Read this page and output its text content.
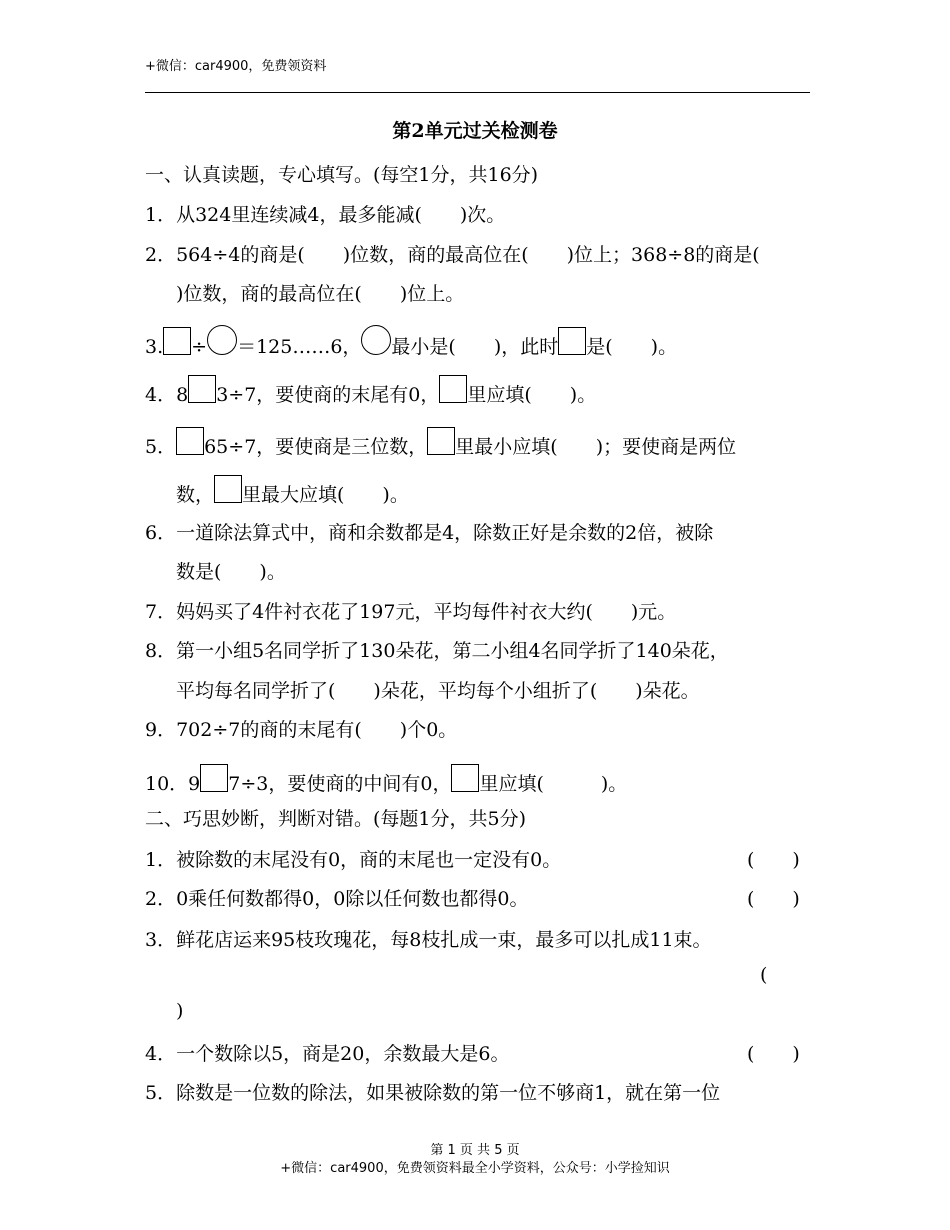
+微信：car4900，免费领资料
第2单元过关检测卷
一、认真读题，专心填写。(每空1分，共16分)
1．从324里连续减4，最多能减(　　)次。
2．564÷4的商是(　　)位数，商的最高位在(　　)位上；368÷8的商是(
)位数，商的最高位在(　　)位上。
3. ÷ ＝125……6， 最小是(　　)，此时 是(　　)。
4．8 3÷7，要使商的末尾有0， 里应填(　　)。
5． 65÷7，要使商是三位数， 里最小应填(　　)；要使商是两位
数， 里最大应填(　　)。
6．一道除法算式中，商和余数都是4，除数正好是余数的2倍，被除
数是(　　)。
7．妈妈买了4件衬衣花了197元，平均每件衬衣大约(　　)元。
8．第一小组5名同学折了130朵花，第二小组4名同学折了140朵花，
平均每名同学折了(　　)朵花，平均每个小组折了(　　)朵花。
9．702÷7的商的末尾有(　　)个0。
10．9 7÷3，要使商的中间有0， 里应填(　　　)。
二、巧思妙断，判断对错。(每题1分，共5分)
1．被除数的末尾没有0，商的末尾也一定没有0。	(　　)
2．0乘任何数都得0，0除以任何数也都得0。	(　　)
3．鲜花店运来95枝玫瑰花，每8枝扎成一束，最多可以扎成11束。
(
)
4．一个数除以5，商是20，余数最大是6。	(　　)
5．除数是一位数的除法，如果被除数的第一位不够商1，就在第一位
第 1 页 共 5 页
+微信：car4900，免费领资料最全小学资料，公众号：小学捡知识
